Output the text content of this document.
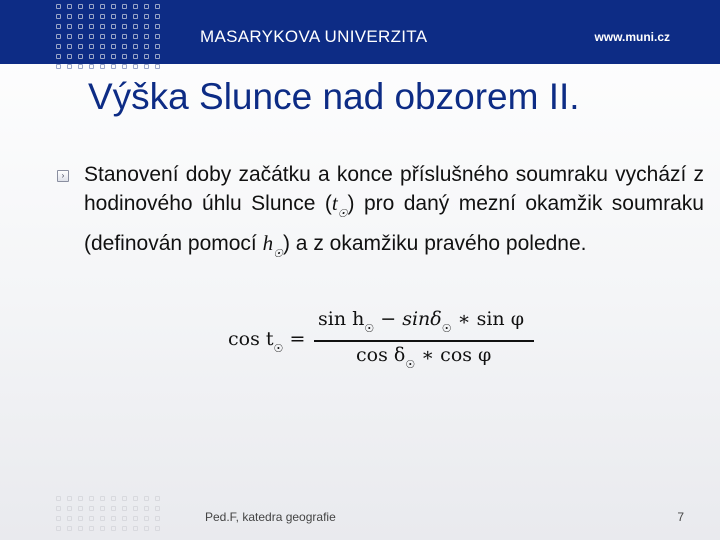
MASARYKOVA UNIVERZITA	www.muni.cz
Výška Slunce nad obzorem II.
› Stanovení doby začátku a konce příslušného soumraku vychází z hodinového úhlu Slunce $(t_☉)$ pro daný mezní okamžik soumraku (definován pomocí $h_☉$) a z okamžiku pravého poledne.
$\cos t_☉$ =
$\sin h_☉ - \sin\delta_☉$ ∗ sin φ
$\cos \delta_☉$ ∗ cos φ
Ped.F, katedra geografie	7
